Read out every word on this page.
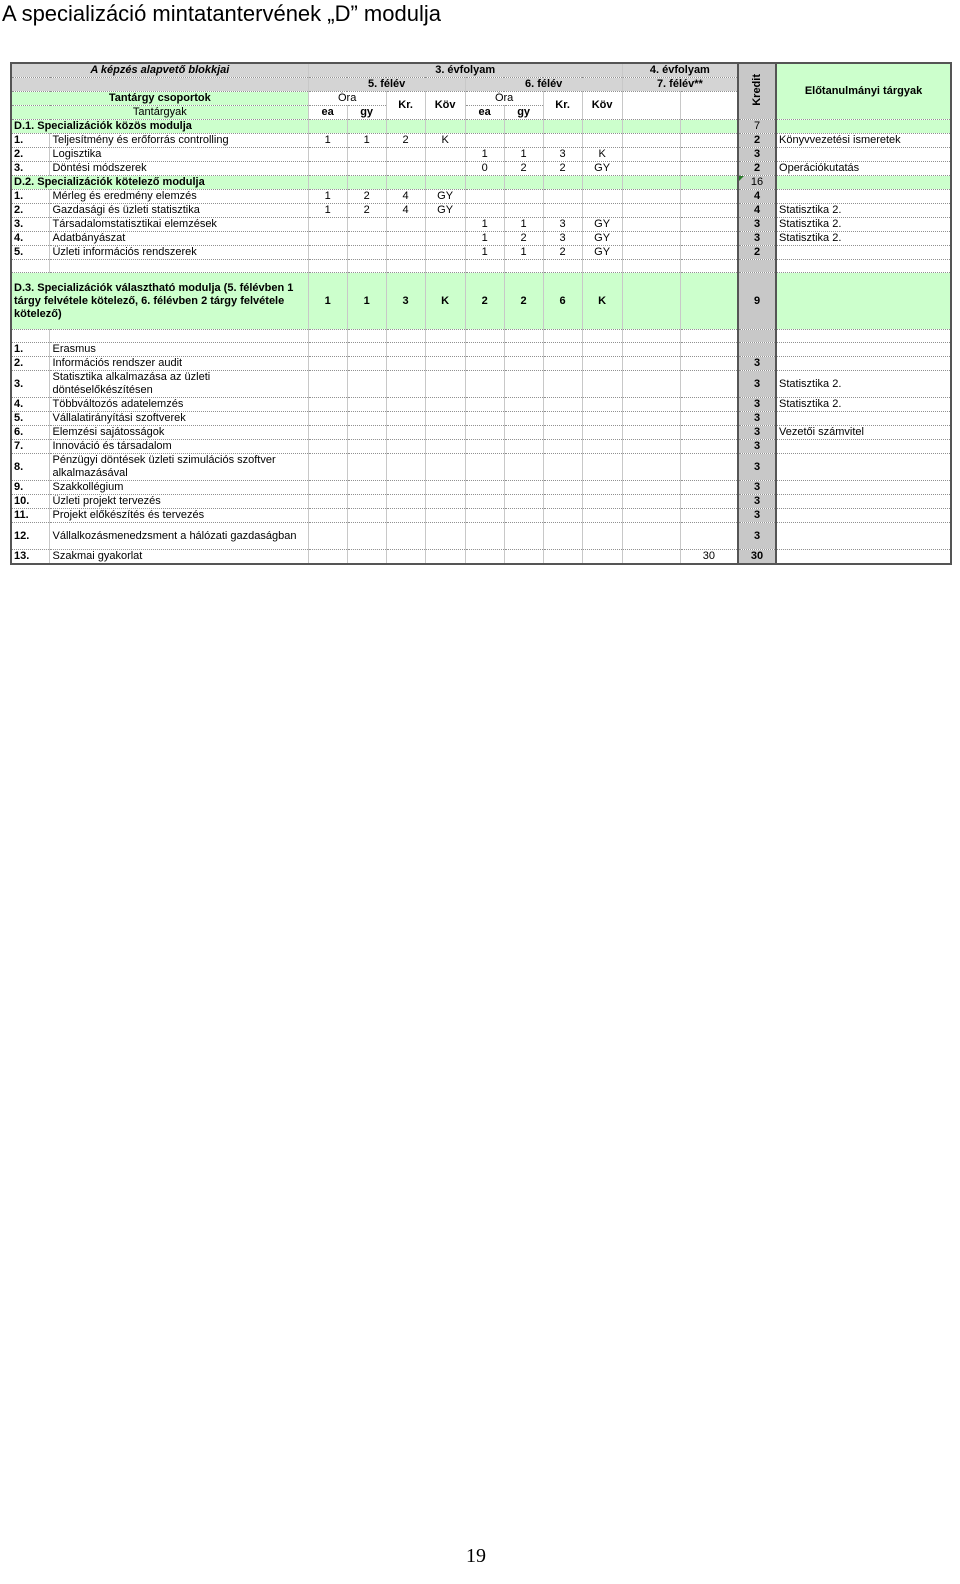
A specializáció mintatantervének „D” modulja
A képzés alapvető blokkjai		3. évfolyam								4. évfolyam		Kredit	Előtanulmányi tárgyak
		5. félév				6. félév				7. félév**			
Tantárgy csoportok		Óra		Kr.	Köv	Óra		Kr.	Köv				
Tantárgyak		ea	gy			ea	gy						
D.1. Specializációk közös modulja												7	
1.	Teljesítmény és erőforrás controlling	1	1	2	K							2	Könyvvezetési ismeretek
2.	Logisztika					1	1	3	K			3	
3.	Döntési módszerek					0	2	2	GY			2	Operációkutatás
D.2. Specializációk kötelező modulja												16	
1.	Mérleg és eredmény elemzés	1	2	4	GY							4	
2.	Gazdasági és üzleti statisztika	1	2	4	GY							4	Statisztika 2.
3.	Társadalomstatisztikai elemzések					1	1	3	GY			3	Statisztika 2.
4.	Adatbányászat					1	2	3	GY			3	Statisztika 2.
5.	Üzleti információs rendszerek					1	1	2	GY			2	

D.3. Specializációk választható modulja (5. félévben 1 tárgy felvétele kötelező, 6. félévben 2 tárgy felvétele kötelező)		1	1	3	K	2	2	6	K			9	

1.	Erasmus												
2.	Információs rendszer audit											3	
3.	Statisztika alkalmazása az üzleti döntéselőkészítésen											3	Statisztika 2.
4.	Többváltozós adatelemzés											3	Statisztika 2.
5.	Vállalatirányítási szoftverek											3	
6.	Elemzési sajátosságok											3	Vezetői számvitel
7.	Innováció és társadalom											3	
8.	Pénzügyi döntések üzleti szimulációs szoftver alkalmazásával											3	
9.	Szakkollégium											3	
10.	Üzleti projekt tervezés											3	
11.	Projekt előkészítés és tervezés											3	
12.	Vállalkozásmenedzsment a hálózati gazdaságban											3	
13.	Szakmai gyakorlat										30	30	
19
